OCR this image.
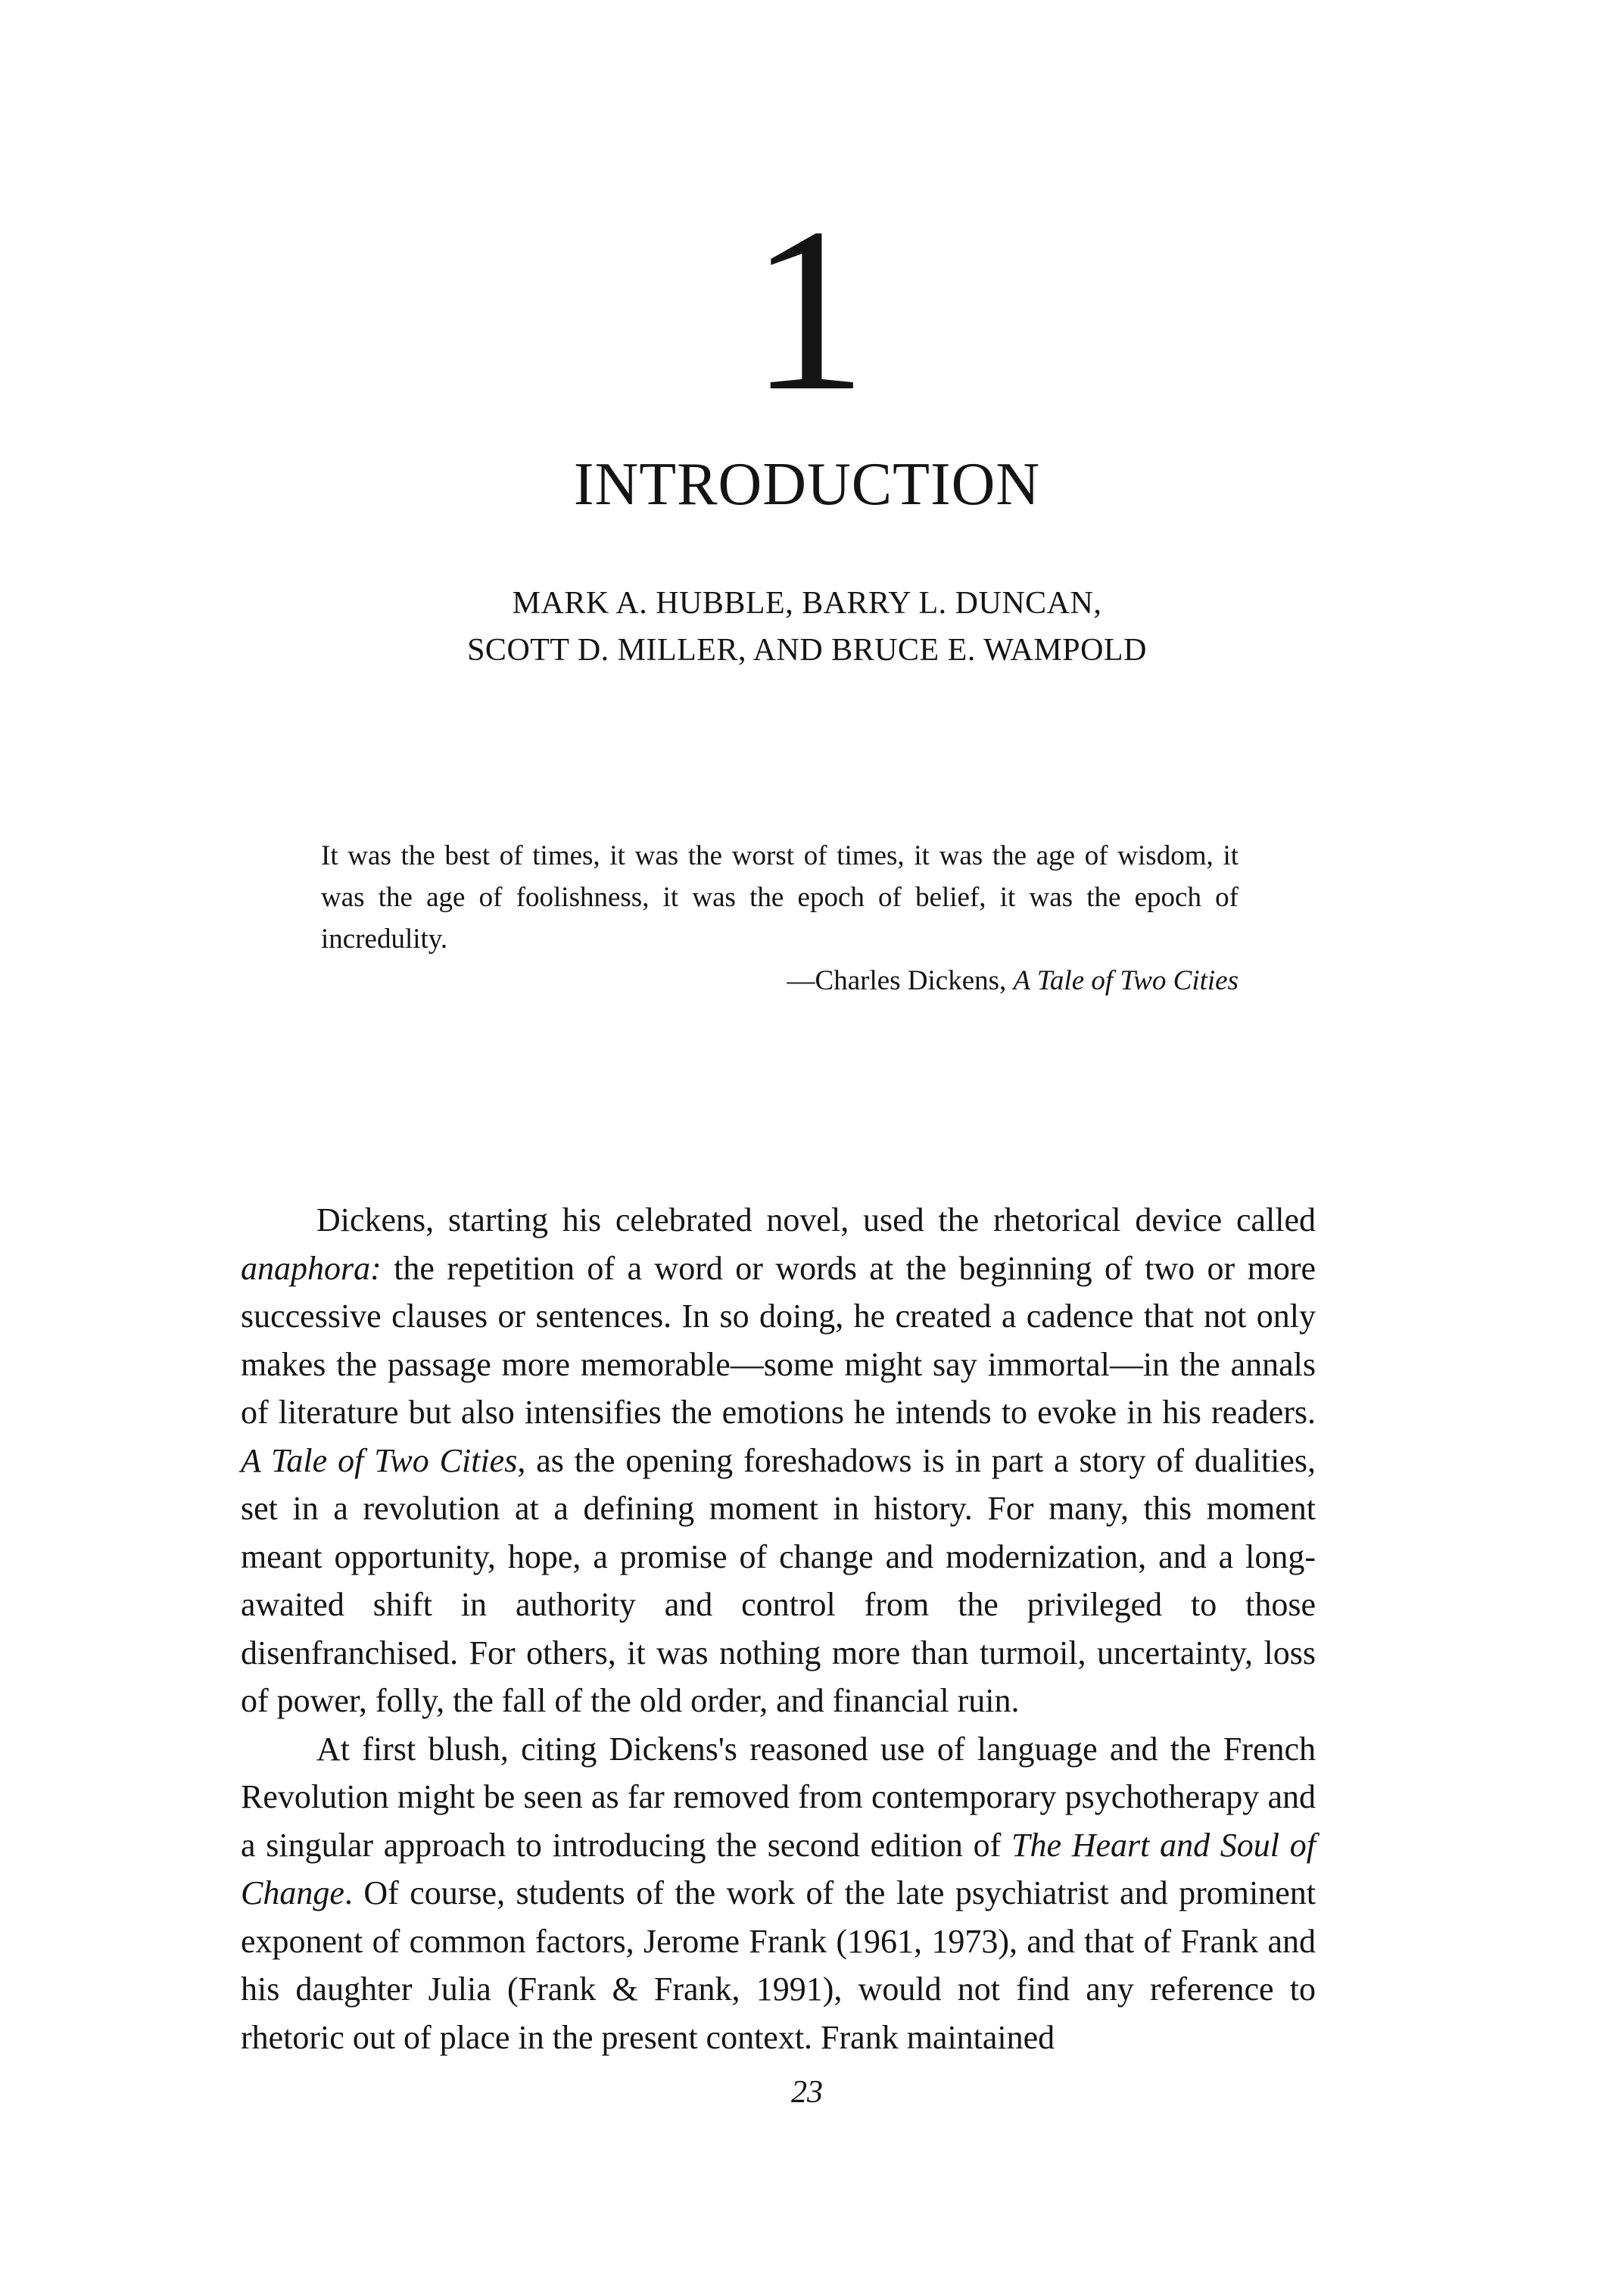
1
INTRODUCTION
MARK A. HUBBLE, BARRY L. DUNCAN,
SCOTT D. MILLER, AND BRUCE E. WAMPOLD

It was the best of times, it was the worst of times, it was the age of wisdom, it was the age of foolishness, it was the epoch of belief, it was the epoch of incredulity.

—Charles Dickens, A Tale of Two Cities

Dickens, starting his celebrated novel, used the rhetorical device called anaphora: the repetition of a word or words at the beginning of two or more successive clauses or sentences. In so doing, he created a cadence that not only makes the passage more memorable—some might say immortal—in the annals of literature but also intensifies the emotions he intends to evoke in his readers. A Tale of Two Cities, as the opening foreshadows is in part a story of dualities, set in a revolution at a defining moment in history. For many, this moment meant opportunity, hope, a promise of change and modernization, and a long-awaited shift in authority and control from the privileged to those disenfranchised. For others, it was nothing more than turmoil, uncertainty, loss of power, folly, the fall of the old order, and financial ruin.

At first blush, citing Dickens's reasoned use of language and the French Revolution might be seen as far removed from contemporary psychotherapy and a singular approach to introducing the second edition of The Heart and Soul of Change. Of course, students of the work of the late psychiatrist and prominent exponent of common factors, Jerome Frank (1961, 1973), and that of Frank and his daughter Julia (Frank & Frank, 1991), would not find any reference to rhetoric out of place in the present context. Frank maintained

23
